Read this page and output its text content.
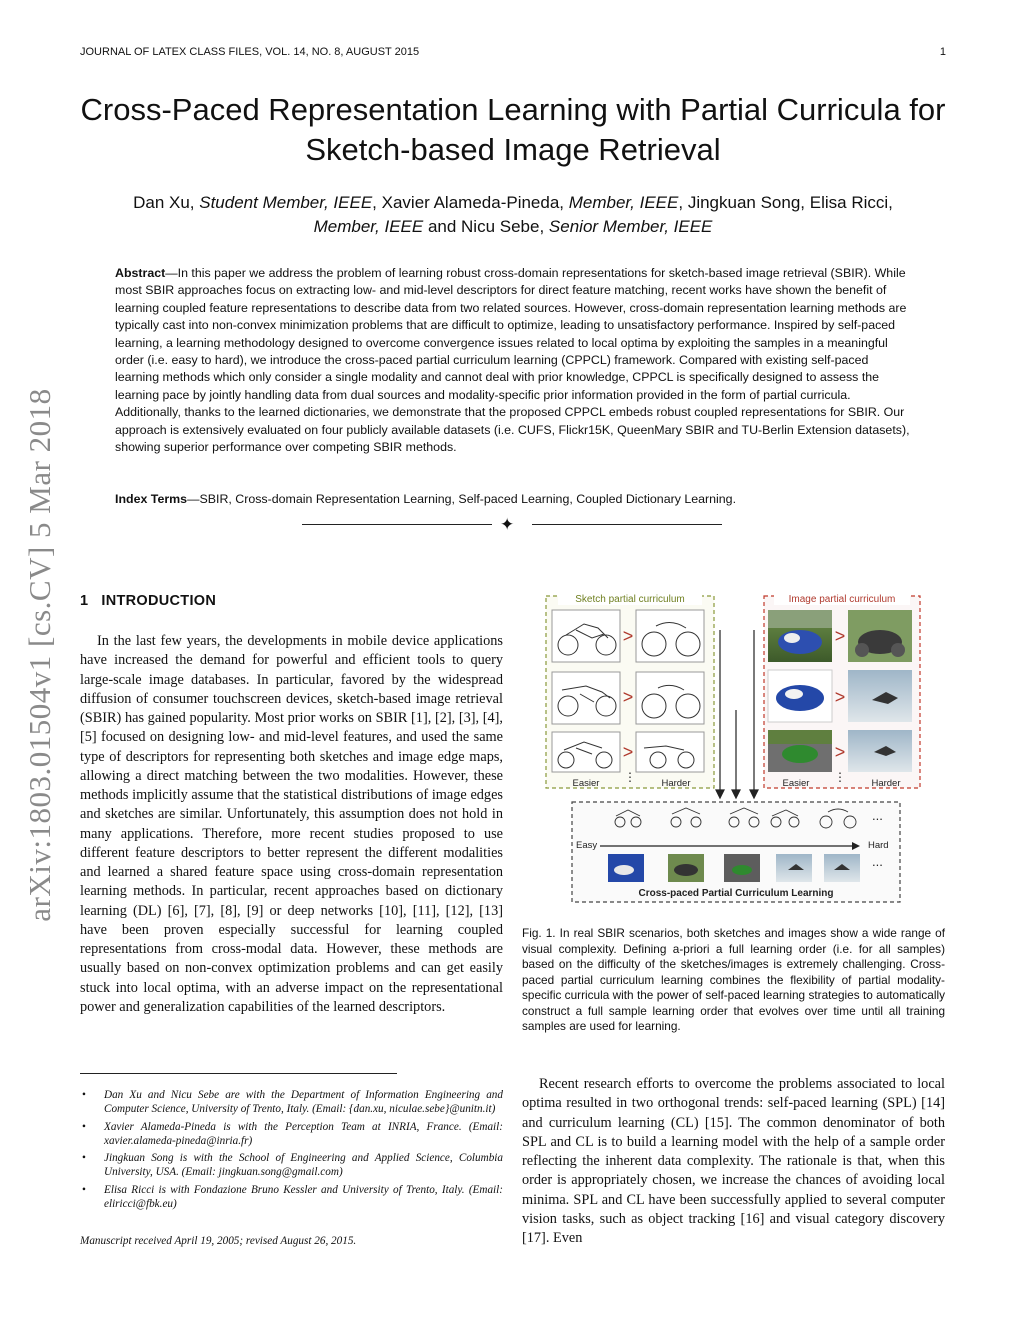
JOURNAL OF LATEX CLASS FILES, VOL. 14, NO. 8, AUGUST 2015	1
arXiv:1803.01504v1 [cs.CV] 5 Mar 2018
Cross-Paced Representation Learning with Partial Curricula for Sketch-based Image Retrieval
Dan Xu, Student Member, IEEE, Xavier Alameda-Pineda, Member, IEEE, Jingkuan Song, Elisa Ricci, Member, IEEE and Nicu Sebe, Senior Member, IEEE
Abstract—In this paper we address the problem of learning robust cross-domain representations for sketch-based image retrieval (SBIR). While most SBIR approaches focus on extracting low- and mid-level descriptors for direct feature matching, recent works have shown the benefit of learning coupled feature representations to describe data from two related sources. However, cross-domain representation learning methods are typically cast into non-convex minimization problems that are difficult to optimize, leading to unsatisfactory performance. Inspired by self-paced learning, a learning methodology designed to overcome convergence issues related to local optima by exploiting the samples in a meaningful order (i.e. easy to hard), we introduce the cross-paced partial curriculum learning (CPPCL) framework. Compared with existing self-paced learning methods which only consider a single modality and cannot deal with prior knowledge, CPPCL is specifically designed to assess the learning pace by jointly handling data from dual sources and modality-specific prior information provided in the form of partial curricula. Additionally, thanks to the learned dictionaries, we demonstrate that the proposed CPPCL embeds robust coupled representations for SBIR. Our approach is extensively evaluated on four publicly available datasets (i.e. CUFS, Flickr15K, QueenMary SBIR and TU-Berlin Extension datasets), showing superior performance over competing SBIR methods.
Index Terms—SBIR, Cross-domain Representation Learning, Self-paced Learning, Coupled Dictionary Learning.
✦
1 INTRODUCTION

In the last few years, the developments in mobile device applications have increased the demand for powerful and efficient tools to query large-scale image databases. In particular, favored by the widespread diffusion of consumer touchscreen devices, sketch-based image retrieval (SBIR) has gained popularity. Most prior works on SBIR [1], [2], [3], [4], [5] focused on designing low- and mid-level features, and used the same type of descriptors for representing both sketches and image edge maps, allowing a direct matching between the two modalities. However, these methods implicitly assume that the statistical distributions of image edges and sketches are similar. Unfortunately, this assumption does not hold in many applications. Therefore, more recent studies proposed to use different feature descriptors to better represent the different modalities and learned a shared feature space using cross-domain representation learning methods. In particular, recent approaches based on dictionary learning (DL) [6], [7], [8], [9] or deep networks [10], [11], [12], [13] have been proven especially successful for learning coupled representations from cross-modal data. However, these methods are usually based on non-convex optimization problems and can get easily stuck into local optima, with an adverse impact on the representational power and generalization capabilities of the learned descriptors.

• Dan Xu and Nicu Sebe are with the Department of Information Engineering and Computer Science, University of Trento, Italy. (Email: {dan.xu, niculae.sebe}@unitn.it)
• Xavier Alameda-Pineda is with the Perception Team at INRIA, France. (Email: xavier.alameda-pineda@inria.fr)
• Jingkuan Song is with the School of Engineering and Applied Science, Columbia University, USA. (Email: jingkuan.song@gmail.com)
• Elisa Ricci is with Fondazione Bruno Kessler and University of Trento, Italy. (Email: eliricci@fbk.eu)
Manuscript received April 19, 2005; revised August 26, 2015.
Sketch partial curriculum	Image partial curriculum
>
>
>
⋮
Easier	Harder
>
>
>
⋮
Easier	Harder
...
Easy	Hard
...
Cross-paced Partial Curriculum Learning
Fig. 1. In real SBIR scenarios, both sketches and images show a wide range of visual complexity. Defining a-priori a full learning order (i.e. for all samples) based on the difficulty of the sketches/images is extremely challenging. Cross-paced partial curriculum learning combines the flexibility of partial modality-specific curricula with the power of self-paced learning strategies to automatically construct a full sample learning order that evolves over time until all training samples are used for learning.

Recent research efforts to overcome the problems associated to local optima resulted in two orthogonal trends: self-paced learning (SPL) [14] and curriculum learning (CL) [15]. The common denominator of both SPL and CL is to build a learning model with the help of a sample order reflecting the inherent data complexity. The rationale is that, when this order is appropriately chosen, we increase the chances of avoiding local minima. SPL and CL have been successfully applied to several computer vision tasks, such as object tracking [16] and visual category discovery [17]. Even
